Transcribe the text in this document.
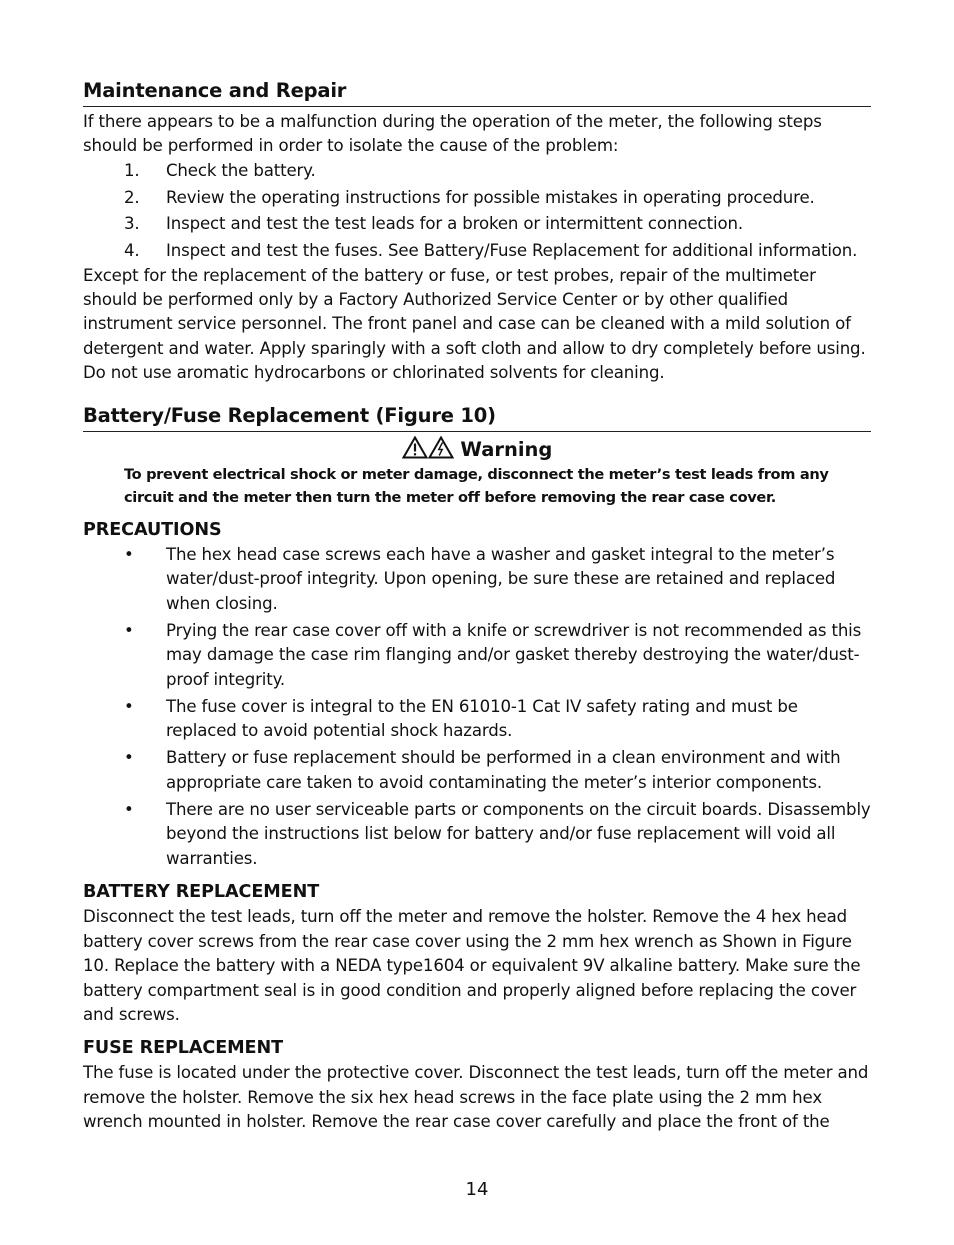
Maintenance and Repair

If there appears to be a malfunction during the operation of the meter, the following steps should be performed in order to isolate the cause of the problem:

1. Check the battery.
2. Review the operating instructions for possible mistakes in operating procedure.
3. Inspect and test the test leads for a broken or intermittent connection.
4. Inspect and test the fuses. See Battery/Fuse Replacement for additional information.

Except for the replacement of the battery or fuse, or test probes, repair of the multimeter should be performed only by a Factory Authorized Service Center or by other qualified instrument service personnel. The front panel and case can be cleaned with a mild solution of detergent and water. Apply sparingly with a soft cloth and allow to dry completely before using. Do not use aromatic hydrocarbons or chlorinated solvents for cleaning.

Battery/Fuse Replacement (Figure 10)
Warning

To prevent electrical shock or meter damage, disconnect the meter’s test leads from any circuit and the meter then turn the meter off before removing the rear case cover.

PRECAUTIONS
• The hex head case screws each have a washer and gasket integral to the meter’s water/dust-proof integrity. Upon opening, be sure these are retained and replaced when closing.
• Prying the rear case cover off with a knife or screwdriver is not recommended as this may damage the case rim flanging and/or gasket thereby destroying the water/dust-proof integrity.
• The fuse cover is integral to the EN 61010-1 Cat IV safety rating and must be replaced to avoid potential shock hazards.
• Battery or fuse replacement should be performed in a clean environment and with appropriate care taken to avoid contaminating the meter’s interior components.
• There are no user serviceable parts or components on the circuit boards. Disassembly beyond the instructions list below for battery and/or fuse replacement will void all warranties.
BATTERY REPLACEMENT

Disconnect the test leads, turn off the meter and remove the holster. Remove the 4 hex head battery cover screws from the rear case cover using the 2 mm hex wrench as Shown in Figure 10. Replace the battery with a NEDA type1604 or equivalent 9V alkaline battery. Make sure the battery compartment seal is in good condition and properly aligned before replacing the cover and screws.

FUSE REPLACEMENT

The fuse is located under the protective cover. Disconnect the test leads, turn off the meter and remove the holster. Remove the six hex head screws in the face plate using the 2 mm hex wrench mounted in holster. Remove the rear case cover carefully and place the front of the

14
